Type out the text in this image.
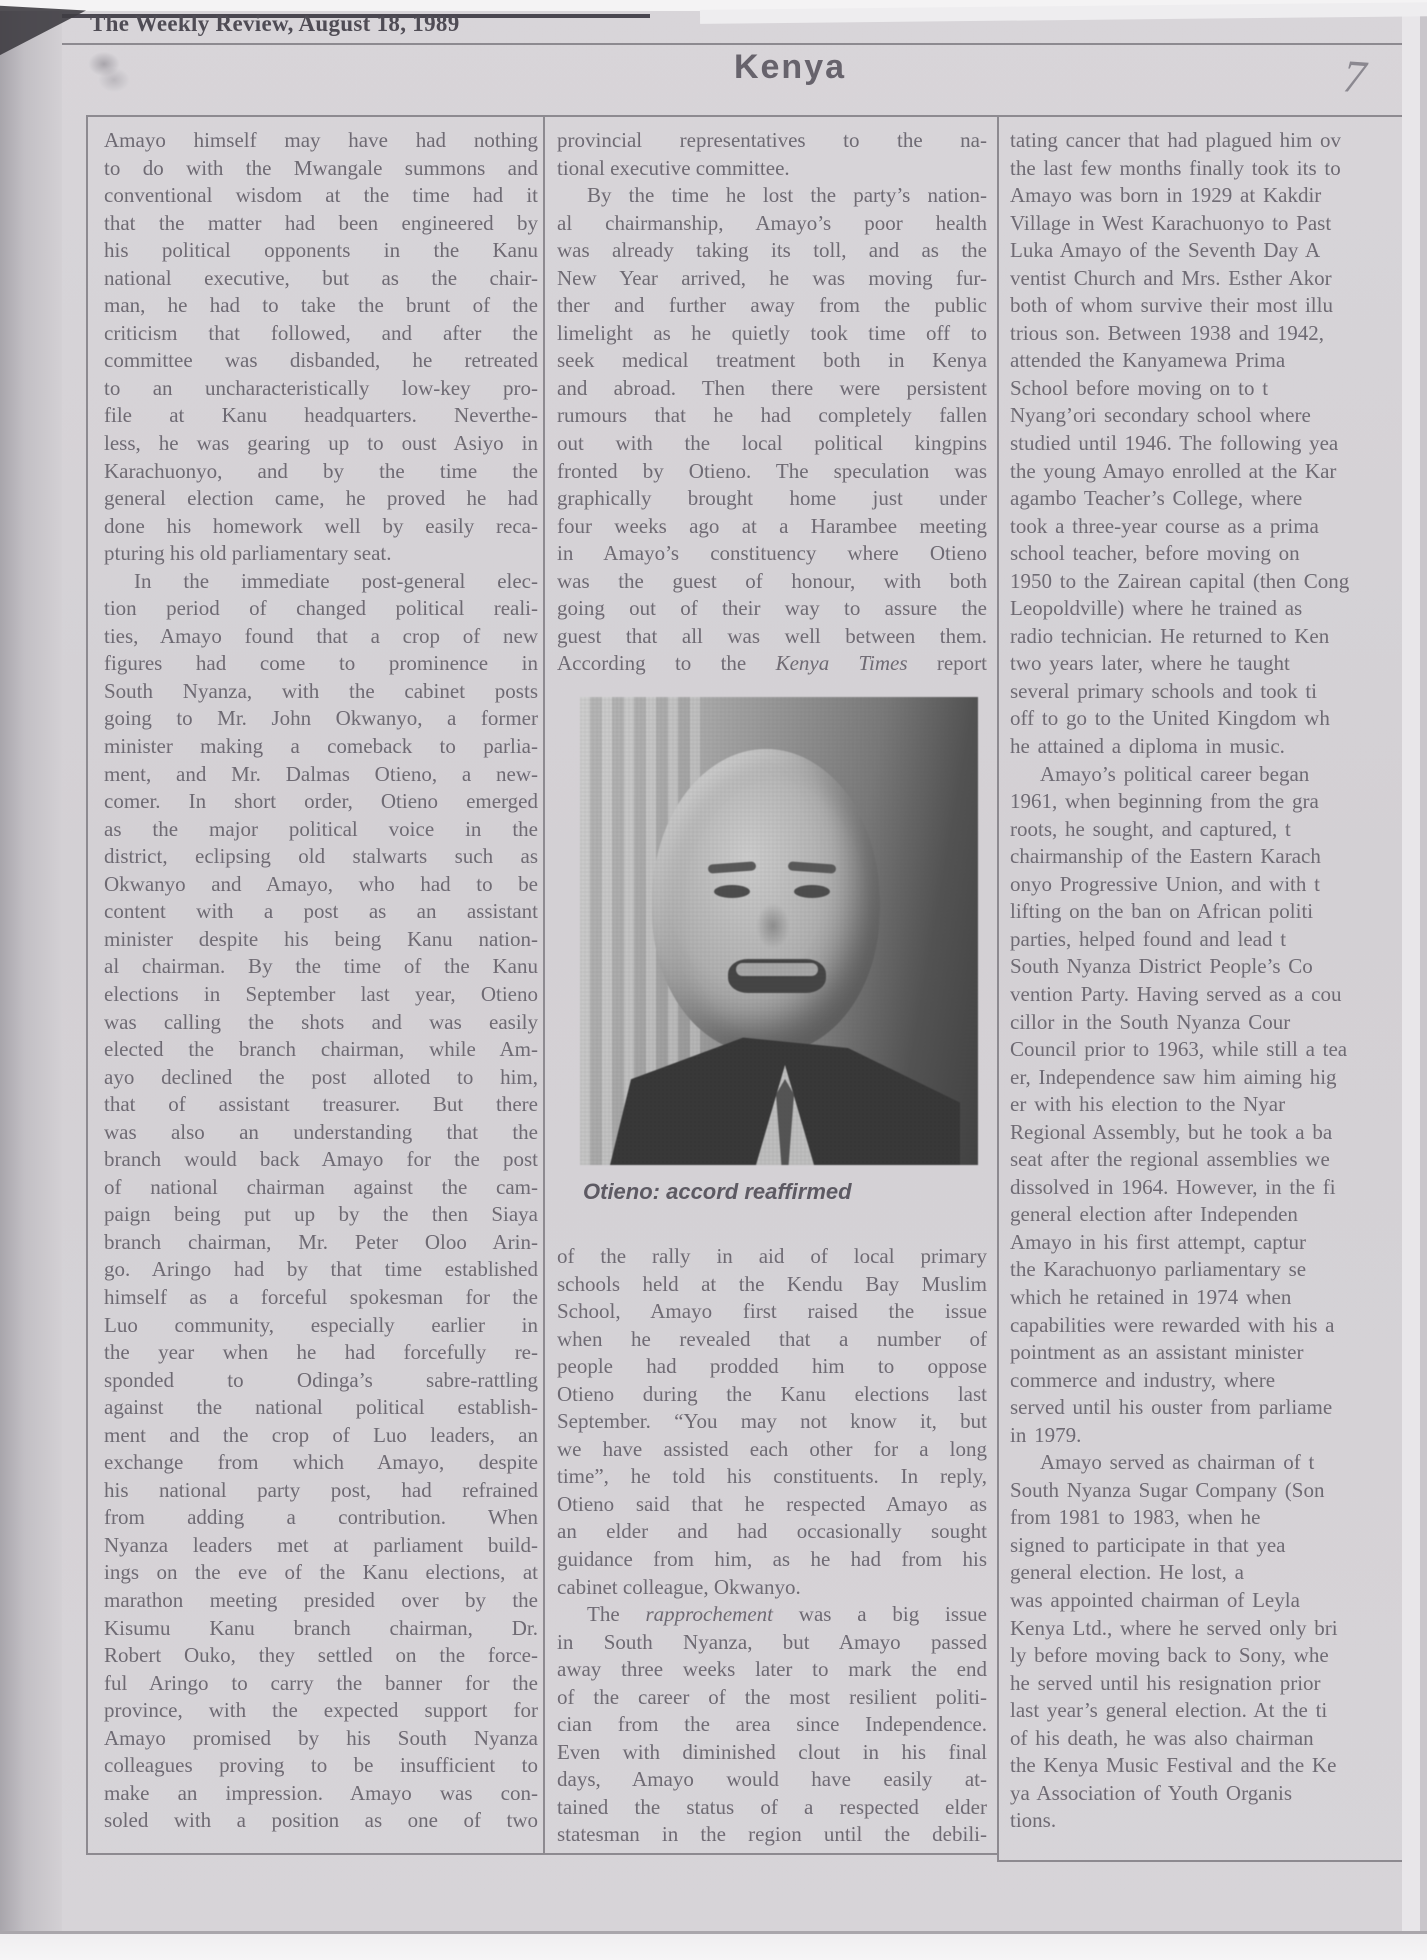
The Weekly Review, August 18, 1989
Kenya	7
Amayo himself may have had nothing
to do with the Mwangale summons and
conventional wisdom at the time had it
that the matter had been engineered by
his political opponents in the Kanu
national executive, but as the chair-
man, he had to take the brunt of the
criticism that followed, and after the
committee was disbanded, he retreated
to an uncharacteristically low-key pro-
file at Kanu headquarters. Neverthe-
less, he was gearing up to oust Asiyo in
Karachuonyo, and by the time the
general election came, he proved he had
done his homework well by easily reca-
pturing his old parliamentary seat.
In the immediate post-general elec-
tion period of changed political reali-
ties, Amayo found that a crop of new
figures had come to prominence in
South Nyanza, with the cabinet posts
going to Mr. John Okwanyo, a former
minister making a comeback to parlia-
ment, and Mr. Dalmas Otieno, a new-
comer. In short order, Otieno emerged
as the major political voice in the
district, eclipsing old stalwarts such as
Okwanyo and Amayo, who had to be
content with a post as an assistant
minister despite his being Kanu nation-
al chairman. By the time of the Kanu
elections in September last year, Otieno
was calling the shots and was easily
elected the branch chairman, while Am-
ayo declined the post alloted to him,
that of assistant treasurer. But there
was also an understanding that the
branch would back Amayo for the post
of national chairman against the cam-
paign being put up by the then Siaya
branch chairman, Mr. Peter Oloo Arin-
go. Aringo had by that time established
himself as a forceful spokesman for the
Luo community, especially earlier in
the year when he had forcefully re-
sponded to Odinga’s sabre-rattling
against the national political establish-
ment and the crop of Luo leaders, an
exchange from which Amayo, despite
his national party post, had refrained
from adding a contribution. When
Nyanza leaders met at parliament build-
ings on the eve of the Kanu elections, at
marathon meeting presided over by the
Kisumu Kanu branch chairman, Dr.
Robert Ouko, they settled on the force-
ful Aringo to carry the banner for the
province, with the expected support for
Amayo promised by his South Nyanza
colleagues proving to be insufficient to
make an impression. Amayo was con-
soled with a position as one of two
provincial representatives to the na-
tional executive committee.
By the time he lost the party’s nation-
al chairmanship, Amayo’s poor health
was already taking its toll, and as the
New Year arrived, he was moving fur-
ther and further away from the public
limelight as he quietly took time off to
seek medical treatment both in Kenya
and abroad. Then there were persistent
rumours that he had completely fallen
out with the local political kingpins
fronted by Otieno. The speculation was
graphically brought home just under
four weeks ago at a Harambee meeting
in Amayo’s constituency where Otieno
was the guest of honour, with both
going out of their way to assure the
guest that all was well between them.
According to the Kenya Times report
of the rally in aid of local primary
schools held at the Kendu Bay Muslim
School, Amayo first raised the issue
when he revealed that a number of
people had prodded him to oppose
Otieno during the Kanu elections last
September. “You may not know it, but
we have assisted each other for a long
time”, he told his constituents. In reply,
Otieno said that he respected Amayo as
an elder and had occasionally sought
guidance from him, as he had from his
cabinet colleague, Okwanyo.
The rapprochement was a big issue
in South Nyanza, but Amayo passed
away three weeks later to mark the end
of the career of the most resilient politi-
cian from the area since Independence.
Even with diminished clout in his final
days, Amayo would have easily at-
tained the status of a respected elder
statesman in the region until the debili-
tating cancer that had plagued him ov
the last few months finally took its to
Amayo was born in 1929 at Kakdir
Village in West Karachuonyo to Past
Luka Amayo of the Seventh Day A
ventist Church and Mrs. Esther Akor
both of whom survive their most illu
trious son. Between 1938 and 1942,
attended the Kanyamewa Prima
School before moving on to t
Nyang’ori secondary school where
studied until 1946. The following yea
the young Amayo enrolled at the Kar
agambo Teacher’s College, where
took a three-year course as a prima
school teacher, before moving on
1950 to the Zairean capital (then Cong
Leopoldville) where he trained as
radio technician. He returned to Ken
two years later, where he taught
several primary schools and took ti
off to go to the United Kingdom wh
he attained a diploma in music.
Amayo’s political career began
1961, when beginning from the gra
roots, he sought, and captured, t
chairmanship of the Eastern Karach
onyo Progressive Union, and with t
lifting on the ban on African politi
parties, helped found and lead t
South Nyanza District People’s Co
vention Party. Having served as a cou
cillor in the South Nyanza Cour
Council prior to 1963, while still a tea
er, Independence saw him aiming hig
er with his election to the Nyar
Regional Assembly, but he took a ba
seat after the regional assemblies we
dissolved in 1964. However, in the fi
general election after Independen
Amayo in his first attempt, captur
the Karachuonyo parliamentary se
which he retained in 1974 when
capabilities were rewarded with his a
pointment as an assistant minister
commerce and industry, where
served until his ouster from parliame
in 1979.
Amayo served as chairman of t
South Nyanza Sugar Company (Son
from 1981 to 1983, when he
signed to participate in that yea
general election. He lost, a
was appointed chairman of Leyla
Kenya Ltd., where he served only bri
ly before moving back to Sony, whe
he served until his resignation prior
last year’s general election. At the ti
of his death, he was also chairman
the Kenya Music Festival and the Ke
ya Association of Youth Organis
tions.
Otieno: accord reaffirmed
